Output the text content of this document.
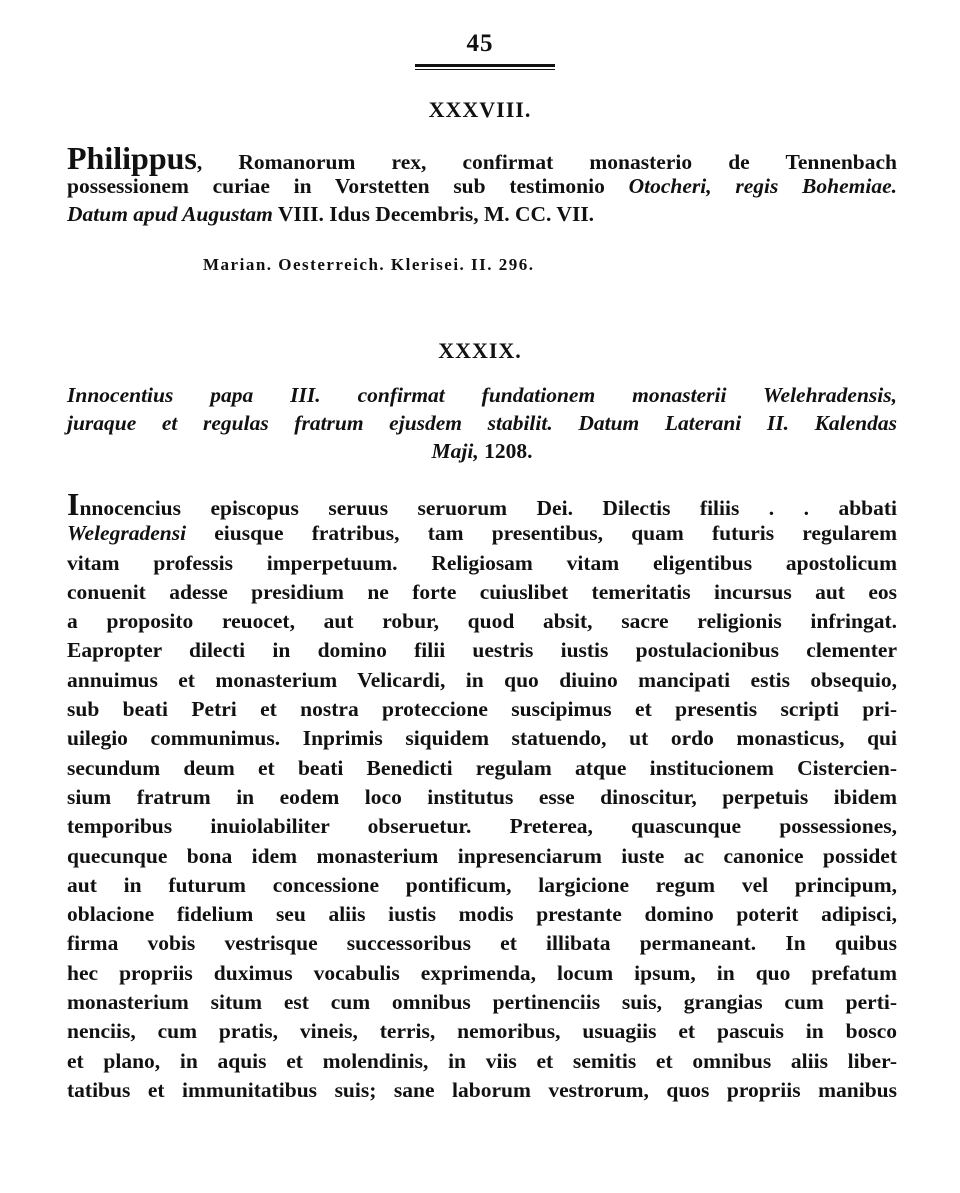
45
XXXVIII.
Philippus, Romanorum rex, confirmat monasterio de Tennenbach
possessionem curiae in Vorstetten sub testimonio Otocheri, regis Bohemiae.
Datum apud Augustam VIII. Idus Decembris, M. CC. VII.
Marian. Oesterreich. Klerisei. II. 296.
XXXIX.
Innocentius papa III. confirmat fundationem monasterii Welehradensis,
juraque et regulas fratrum ejusdem stabilit. Datum Laterani II. Kalendas
Maji, 1208.
Innocencius episcopus seruus seruorum Dei. Dilectis filiis . . abbati
Welegradensi eiusque fratribus, tam presentibus, quam futuris regularem
vitam professis imperpetuum. Religiosam vitam eligentibus apostolicum
conuenit adesse presidium ne forte cuiuslibet temeritatis incursus aut eos
a proposito reuocet, aut robur, quod absit, sacre religionis infringat.
Eapropter dilecti in domino filii uestris iustis postulacionibus clementer
annuimus et monasterium Velicardi, in quo diuino mancipati estis obsequio,
sub beati Petri et nostra proteccione suscipimus et presentis scripti pri-
uilegio communimus. Inprimis siquidem statuendo, ut ordo monasticus, qui
secundum deum et beati Benedicti regulam atque institucionem Cistercien-
sium fratrum in eodem loco institutus esse dinoscitur, perpetuis ibidem
temporibus inuiolabiliter obseruetur. Preterea, quascunque possessiones,
quecunque bona idem monasterium inpresenciarum iuste ac canonice possidet
aut in futurum concessione pontificum, largicione regum vel principum,
oblacione fidelium seu aliis iustis modis prestante domino poterit adipisci,
firma vobis vestrisque successoribus et illibata permaneant. In quibus
hec propriis duximus vocabulis exprimenda, locum ipsum, in quo prefatum
monasterium situm est cum omnibus pertinenciis suis, grangias cum perti-
nenciis, cum pratis, vineis, terris, nemoribus, usuagiis et pascuis in bosco
et plano, in aquis et molendinis, in viis et semitis et omnibus aliis liber-
tatibus et immunitatibus suis; sane laborum vestrorum, quos propriis manibus
